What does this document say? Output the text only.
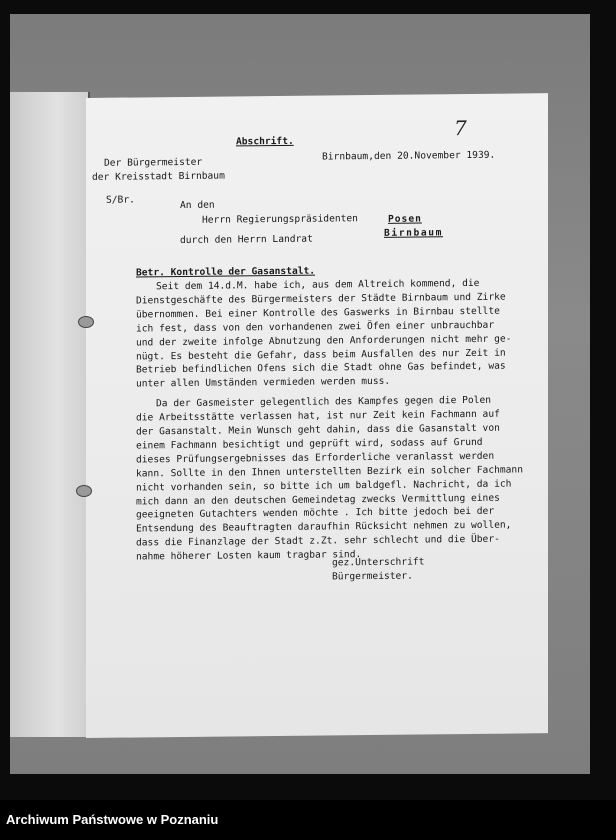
7
Abschrift.
Der Bürgermeister
Birnbaum,den 20.November 1939.
der Kreisstadt Birnbaum
S/Br.	An den
Herrn Regierungspräsidenten	Posen
durch den Herrn Landrat
Birnbaum
Betr. Kontrolle der Gasanstalt.
Seit dem 14.d.M. habe ich, aus dem Altreich kommend, die
Dienstgeschäfte des Bürgermeisters der Städte Birnbaum und Zirke
übernommen. Bei einer Kontrolle des Gaswerks in Birnbau stellte
ich fest, dass von den vorhandenen zwei Öfen einer unbrauchbar
und der zweite infolge Abnutzung den Anforderungen nicht mehr ge-
nügt. Es besteht die Gefahr, dass beim Ausfallen des nur Zeit in
Betrieb befindlichen Ofens sich die Stadt ohne Gas befindet, was
unter allen Umständen vermieden werden muss.
Da der Gasmeister gelegentlich des Kampfes gegen die Polen
die Arbeitsstätte verlassen hat, ist nur Zeit kein Fachmann auf
der Gasanstalt. Mein Wunsch geht dahin, dass die Gasanstalt von
einem Fachmann besichtigt und geprüft wird, sodass auf Grund
dieses Prüfungsergebnisses das Erforderliche veranlasst werden
kann. Sollte in den Ihnen unterstellten Bezirk ein solcher Fachmann
nicht vorhanden sein, so bitte ich um baldgefl. Nachricht, da ich
mich dann an den deutschen Gemeindetag zwecks Vermittlung eines
geeigneten Gutachters wenden möchte . Ich bitte jedoch bei der
Entsendung des Beauftragten daraufhin Rücksicht nehmen zu wollen,
dass die Finanzlage der Stadt z.Zt. sehr schlecht und die Über-
nahme höherer Losten kaum tragbar sind.
gez.Unterschrift
Bürgermeister.
Archiwum Państwowe w Poznaniu
